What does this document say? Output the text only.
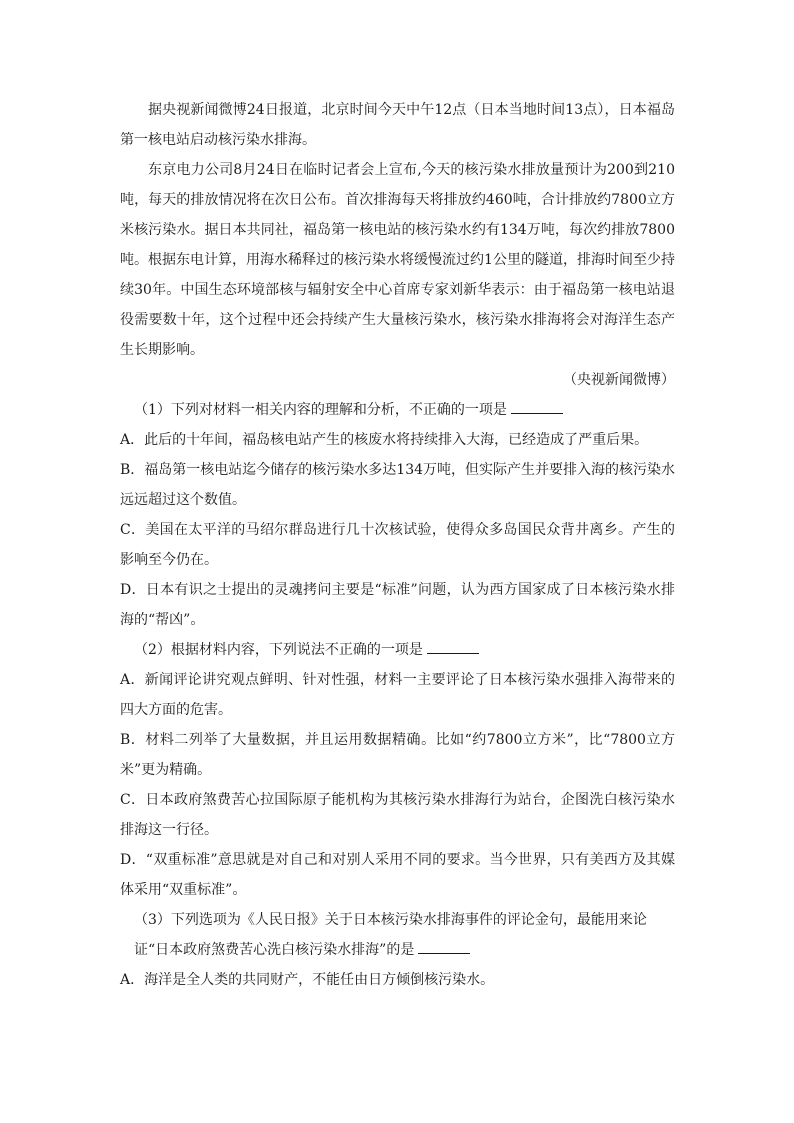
据央视新闻微博24日报道，北京时间今天中午12点（日本当地时间13点），日本福岛第一核电站启动核污染水排海。

东京电力公司8月24日在临时记者会上宣布,今天的核污染水排放量预计为200到210吨，每天的排放情况将在次日公布。首次排海每天将排放约460吨，合计排放约7800立方米核污染水。据日本共同社，福岛第一核电站的核污染水约有134万吨，每次约排放7800吨。根据东电计算，用海水稀释过的核污染水将缓慢流过约1公里的隧道，排海时间至少持续30年。中国生态环境部核与辐射安全中心首席专家刘新华表示：由于福岛第一核电站退役需要数十年，这个过程中还会持续产生大量核污染水，核污染水排海将会对海洋生态产生长期影响。

（央视新闻微博）

（1）下列对材料一相关内容的理解和分析，不正确的一项是

A．此后的十年间，福岛核电站产生的核废水将持续排入大海，已经造成了严重后果。

B．福岛第一核电站迄今储存的核污染水多达134万吨，但实际产生并要排入海的核污染水远远超过这个数值。

C．美国在太平洋的马绍尔群岛进行几十次核试验，使得众多岛国民众背井离乡。产生的影响至今仍在。

D．日本有识之士提出的灵魂拷问主要是“标准”问题，认为西方国家成了日本核污染水排海的“帮凶”。

（2）根据材料内容，下列说法不正确的一项是

A．新闻评论讲究观点鲜明、针对性强，材料一主要评论了日本核污染水强排入海带来的四大方面的危害。

B．材料二列举了大量数据，并且运用数据精确。比如“约7800立方米”，比“7800立方米”更为精确。

C．日本政府煞费苦心拉国际原子能机构为其核污染水排海行为站台，企图洗白核污染水排海这一行径。

D．“双重标准”意思就是对自己和对别人采用不同的要求。当今世界，只有美西方及其媒体采用“双重标准”。

（3）下列选项为《人民日报》关于日本核污染水排海事件的评论金句，最能用来论证“日本政府煞费苦心洗白核污染水排海”的是

A．海洋是全人类的共同财产，不能任由日方倾倒核污染水。
